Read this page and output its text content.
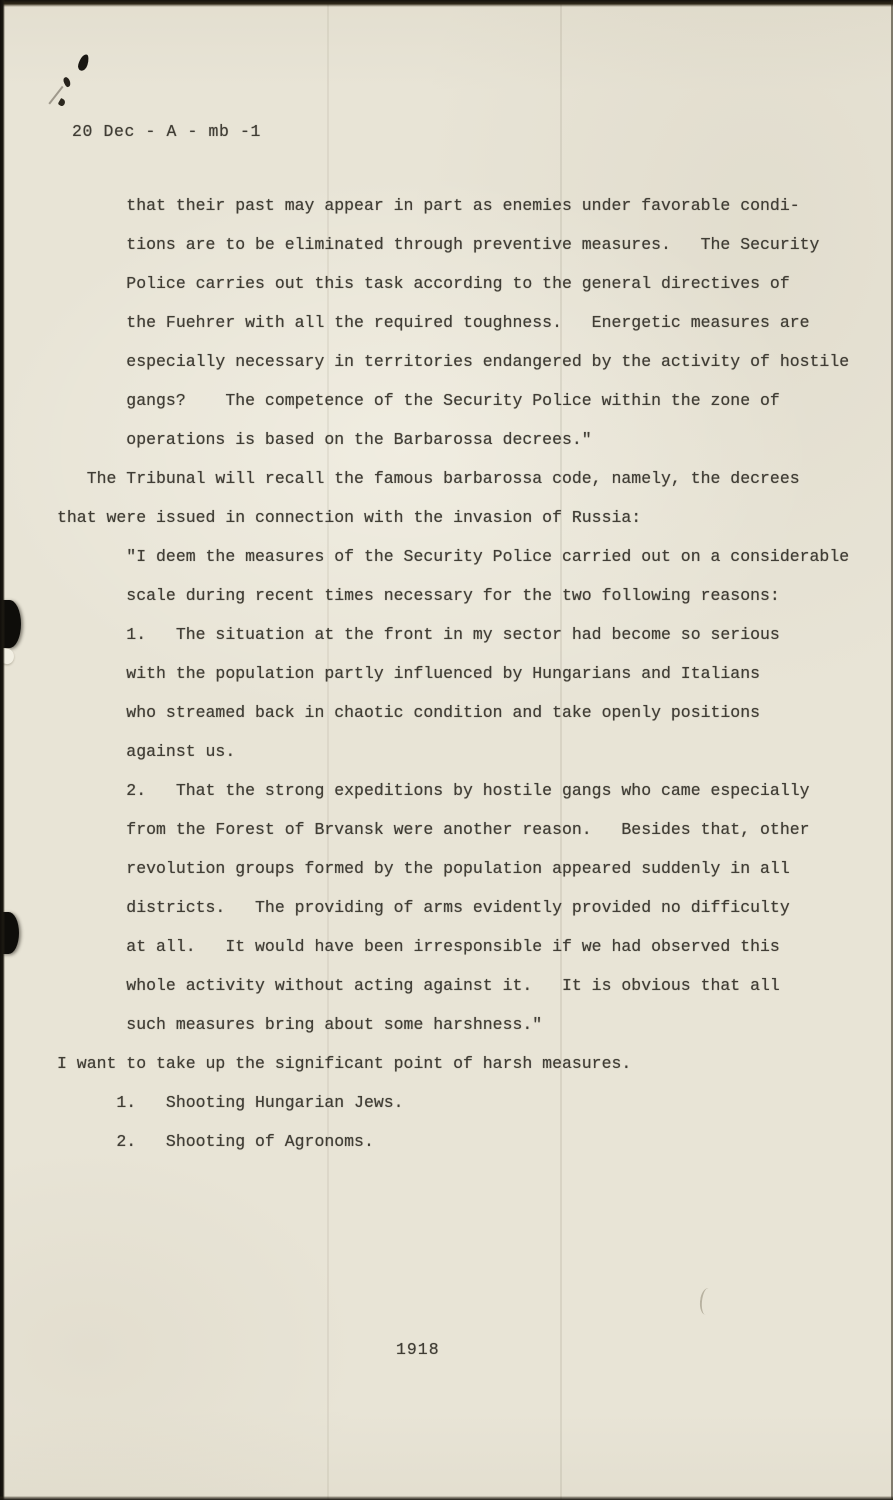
20 Dec - A - mb -1
that their past may appear in part as enemies under favorable condi-
tions are to be eliminated through preventive measures.   The Security
Police carries out this task according to the general directives of
the Fuehrer with all the required toughness.   Energetic measures are
especially necessary in territories endangered by the activity of hostile
gangs?    The competence of the Security Police within the zone of
operations is based on the Barbarossa decrees."
The Tribunal will recall the famous barbarossa code, namely, the decrees
that were issued in connection with the invasion of Russia:
"I deem the measures of the Security Police carried out on a considerable
scale during recent times necessary for the two following reasons:
1.   The situation at the front in my sector had become so serious
with the population partly influenced by Hungarians and Italians
who streamed back in chaotic condition and take openly positions
against us.
2.   That the strong expeditions by hostile gangs who came especially
from the Forest of Brvansk were another reason.   Besides that, other
revolution groups formed by the population appeared suddenly in all
districts.   The providing of arms evidently provided no difficulty
at all.   It would have been irresponsible if we had observed this
whole activity without acting against it.   It is obvious that all
such measures bring about some harshness."
I want to take up the significant point of harsh measures.
1.   Shooting Hungarian Jews.
2.   Shooting of Agronoms.
1918
